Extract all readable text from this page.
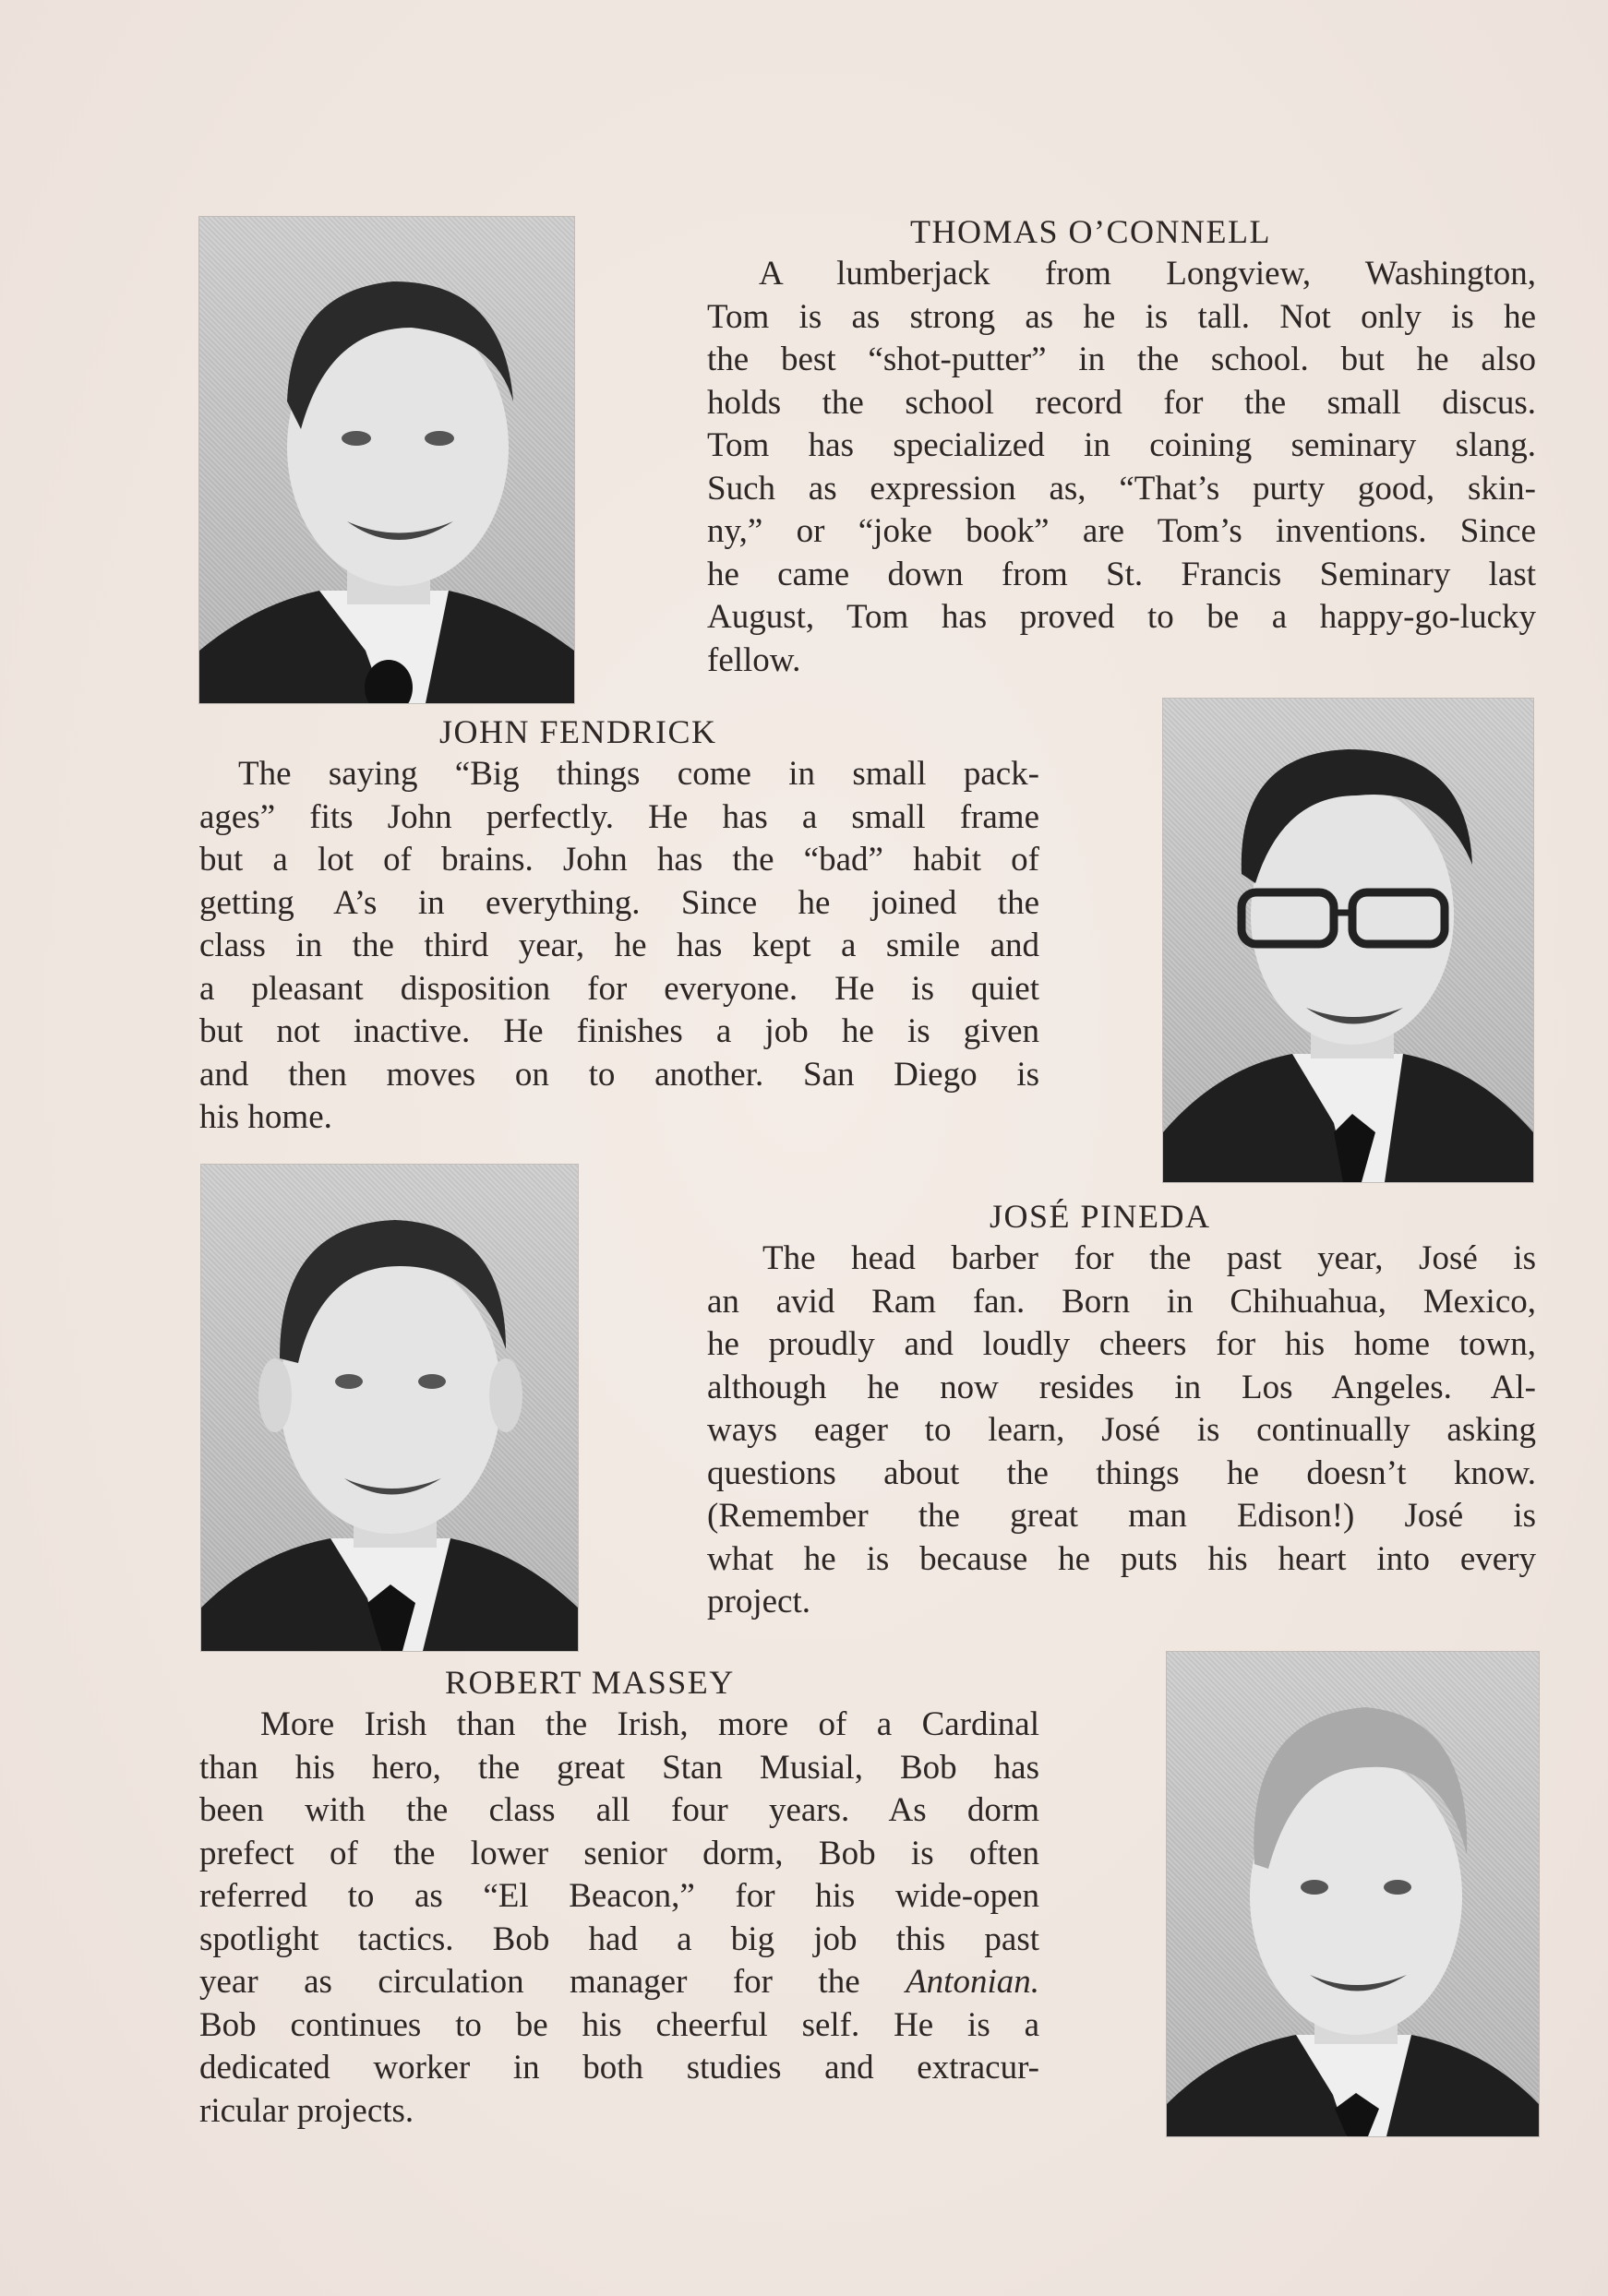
THOMAS O’CONNELL
A lumberjack from Longview, Washington,
Tom is as strong as he is tall. Not only is he
the best “shot-putter” in the school. but he also
holds the school record for the small discus.
Tom has specialized in coining seminary slang.
Such as expression as, “That’s purty good, skin-
ny,” or “joke book” are Tom’s inventions. Since
he came down from St. Francis Seminary last
August, Tom has proved to be a happy-go-lucky
fellow.
JOHN FENDRICK
The saying “Big things come in small pack-
ages” fits John perfectly. He has a small frame
but a lot of brains. John has the “bad” habit of
getting A’s in everything. Since he joined the
class in the third year, he has kept a smile and
a pleasant disposition for everyone. He is quiet
but not inactive. He finishes a job he is given
and then moves on to another. San Diego is
his home.
JOSÉ PINEDA
The head barber for the past year, José is
an avid Ram fan. Born in Chihuahua, Mexico,
he proudly and loudly cheers for his home town,
although he now resides in Los Angeles. Al-
ways eager to learn, José is continually asking
questions about the things he doesn’t know.
(Remember the great man Edison!) José is
what he is because he puts his heart into every
project.
ROBERT MASSEY
More Irish than the Irish, more of a Cardinal
than his hero, the great Stan Musial, Bob has
been with the class all four years. As dorm
prefect of the lower senior dorm, Bob is often
referred to as “El Beacon,” for his wide-open
spotlight tactics. Bob had a big job this past
year as circulation manager for the Antonian.
Bob continues to be his cheerful self. He is a
dedicated worker in both studies and extracur-
ricular projects.
